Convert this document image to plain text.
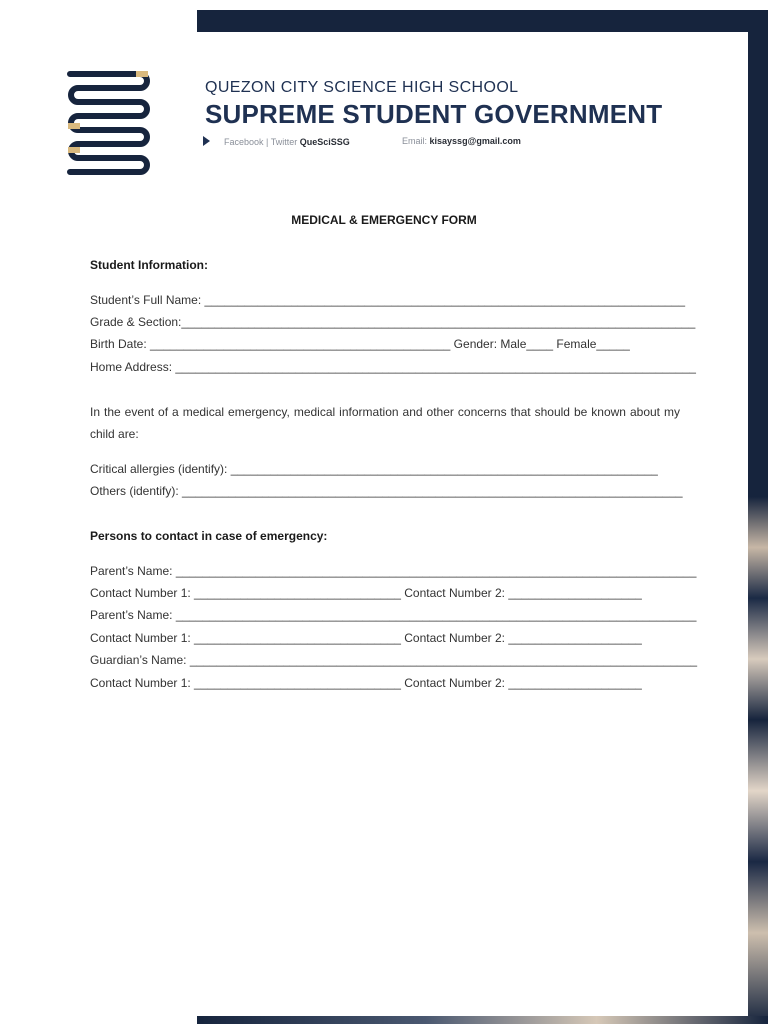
QUEZON CITY SCIENCE HIGH SCHOOL
SUPREME STUDENT GOVERNMENT
Facebook | Twitter QueSciSSG	Email: kisayssg@gmail.com
MEDICAL & EMERGENCY FORM
Student Information:
Student’s Full Name: ________________________________________________________________________
Grade & Section:_____________________________________________________________________________
Birth Date: _____________________________________________ Gender: Male____ Female_____
Home Address: ______________________________________________________________________________
In the event of a medical emergency, medical information and other concerns that should be known about my child are:
Critical allergies (identify): ________________________________________________________________
Others (identify): ___________________________________________________________________________
Persons to contact in case of emergency:
Parent’s Name: ______________________________________________________________________________
Contact Number 1: _______________________________ Contact Number 2: ____________________
Parent’s Name: ______________________________________________________________________________
Contact Number 1: _______________________________ Contact Number 2: ____________________
Guardian’s Name: ____________________________________________________________________________
Contact Number 1: _______________________________ Contact Number 2: ____________________
